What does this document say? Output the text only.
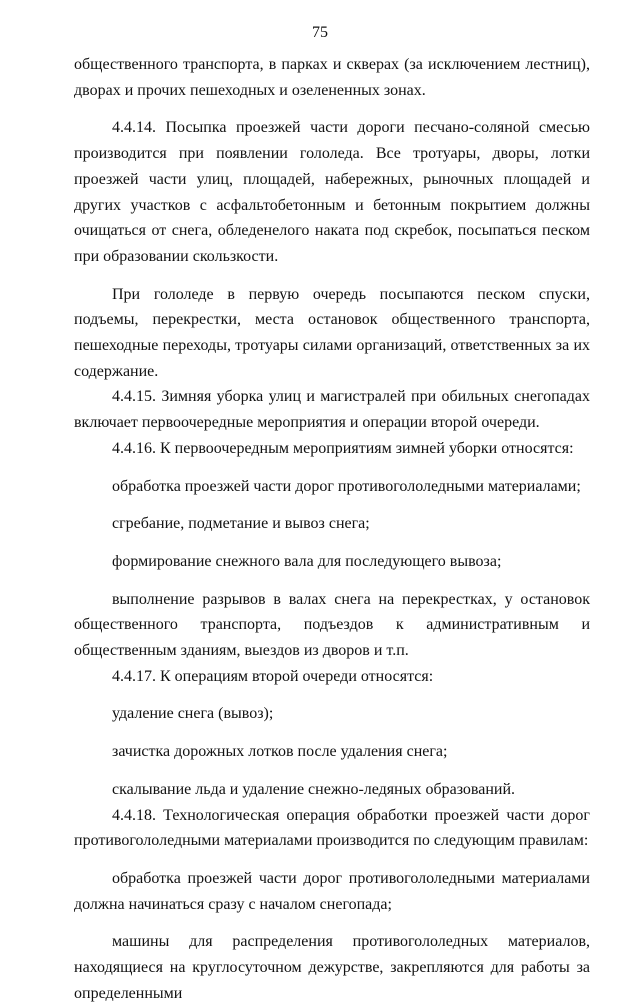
75

общественного транспорта, в парках и скверах (за исключением лестниц), дворах и прочих пешеходных и озелененных зонах.

4.4.14. Посыпка проезжей части дороги песчано-соляной смесью производится при появлении гололеда. Все тротуары, дворы, лотки проезжей части улиц, площадей, набережных, рыночных площадей и других участков с асфальтобетонным и бетонным покрытием должны очищаться от снега, обледенелого наката под скребок, посыпаться песком при образовании скользкости.

При гололеде в первую очередь посыпаются песком спуски, подъемы, перекрестки, места остановок общественного транспорта, пешеходные переходы, тротуары силами организаций, ответственных за их содержание.

4.4.15. Зимняя уборка улиц и магистралей при обильных снегопадах включает первоочередные мероприятия и операции второй очереди.

4.4.16. К первоочередным мероприятиям зимней уборки относятся:

обработка проезжей части дорог противогололедными материалами;

сгребание, подметание и вывоз снега;

формирование снежного вала для последующего вывоза;

выполнение разрывов в валах снега на перекрестках, у остановок общественного транспорта, подъездов к административным и общественным зданиям, выездов из дворов и т.п.

4.4.17. К операциям второй очереди относятся:

удаление снега (вывоз);

зачистка дорожных лотков после удаления снега;

скалывание льда и удаление снежно-ледяных образований.

4.4.18. Технологическая операция обработки проезжей части дорог противогололедными материалами производится по следующим правилам:

обработка проезжей части дорог противогололедными материалами должна начинаться сразу с началом снегопада;

машины для распределения противогололедных материалов, находящиеся на круглосуточном дежурстве, закрепляются для работы за определенными
